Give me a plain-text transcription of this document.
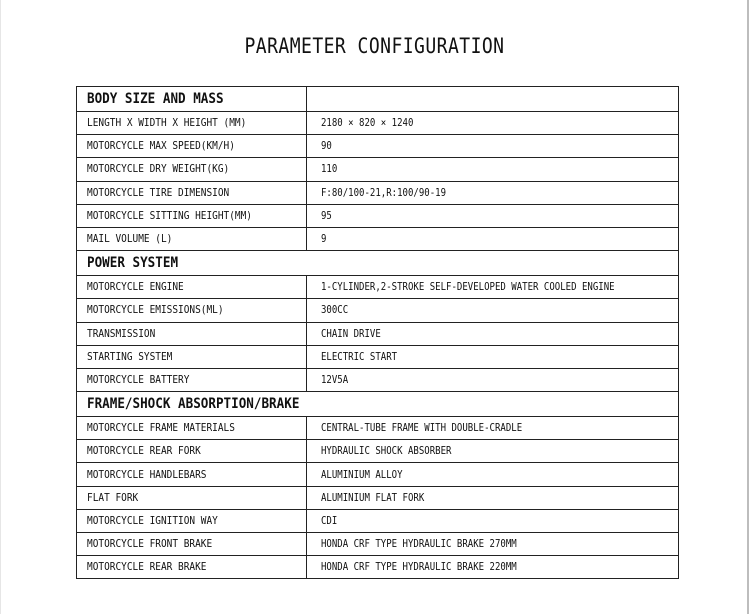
PARAMETER CONFIGURATION
BODY SIZE AND MASS	
LENGTH X WIDTH X HEIGHT (MM)	2180 × 820 × 1240
MOTORCYCLE MAX SPEED(KM/H)	90
MOTORCYCLE DRY WEIGHT(KG)	110
MOTORCYCLE TIRE DIMENSION	F:80/100-21,R:100/90-19
MOTORCYCLE SITTING HEIGHT(MM)	95
MAIL VOLUME (L)	9
POWER SYSTEM	
MOTORCYCLE ENGINE	1-CYLINDER,2-STROKE SELF-DEVELOPED WATER COOLED ENGINE
MOTORCYCLE EMISSIONS(ML)	300CC
TRANSMISSION	CHAIN DRIVE
STARTING SYSTEM	ELECTRIC START
MOTORCYCLE BATTERY	12V5A
FRAME/SHOCK ABSORPTION/BRAKE	
MOTORCYCLE FRAME MATERIALS	CENTRAL-TUBE FRAME WITH DOUBLE-CRADLE
MOTORCYCLE REAR FORK	HYDRAULIC SHOCK ABSORBER
MOTORCYCLE HANDLEBARS	ALUMINIUM ALLOY
FLAT FORK	ALUMINIUM FLAT FORK
MOTORCYCLE IGNITION WAY	CDI
MOTORCYCLE FRONT BRAKE	HONDA CRF TYPE HYDRAULIC BRAKE 270MM
MOTORCYCLE REAR BRAKE	HONDA CRF TYPE HYDRAULIC BRAKE 220MM
